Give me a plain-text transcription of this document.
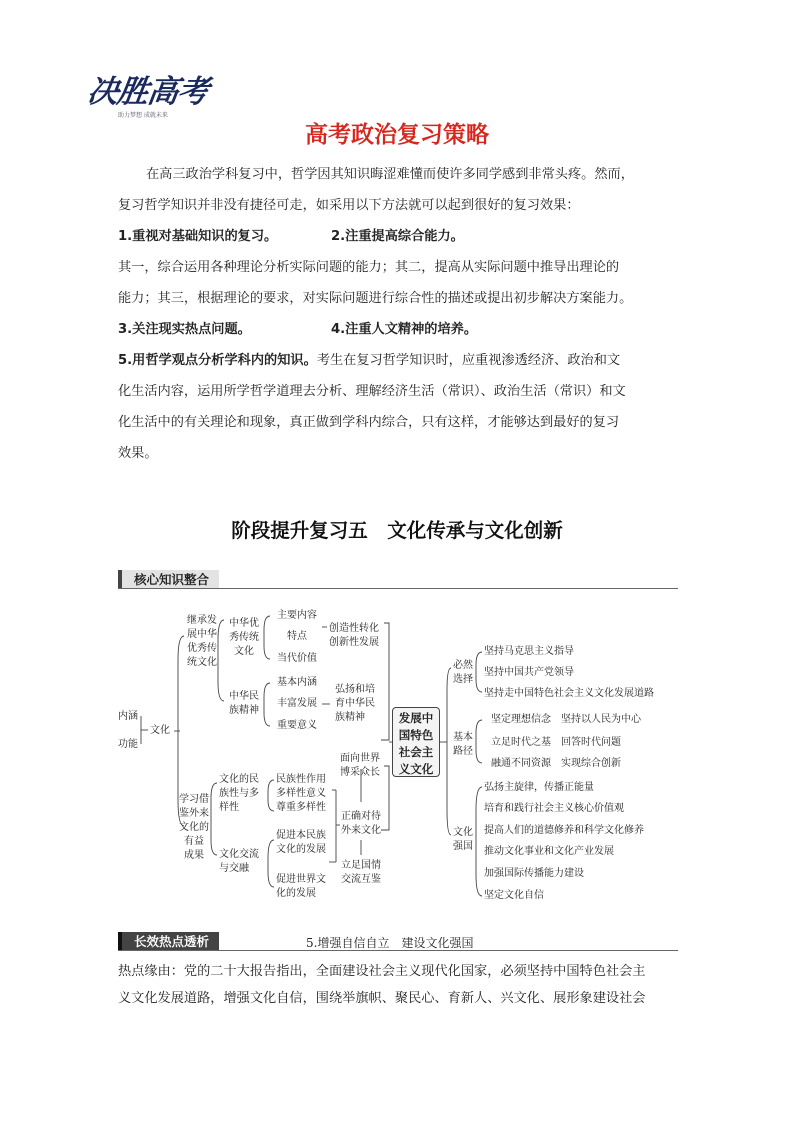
决胜高考
助力梦想 成就未来
高考政治复习策略

在高三政治学科复习中，哲学因其知识晦涩难懂而使许多同学感到非常头疼。然而，

复习哲学知识并非没有捷径可走，如采用以下方法就可以起到很好的复习效果：

1.重视对基础知识的复习。	2.注重提高综合能力。

其一，综合运用各种理论分析实际问题的能力；其二，提高从实际问题中推导出理论的

能力；其三，根据理论的要求，对实际问题进行综合性的描述或提出初步解决方案能力。

3.关注现实热点问题。	4.注重人文精神的培养。

5.用哲学观点分析学科内的知识。考生在复习哲学知识时，应重视渗透经济、政治和文

化生活内容，运用所学哲学道理去分析、理解经济生活（常识）、政治生活（常识）和文

化生活中的有关理论和现象，真正做到学科内综合，只有这样，才能够达到最好的复习

效果。

阶段提升复习五　文化传承与文化创新
核心知识整合
内涵
功能
文化
继承发
展中华
优秀传
统文化
中华优
秀传统
文化
主要内容
特点
当代价值
创造性转化
创新性发展
中华民
族精神
基本内涵
丰富发展
重要意义
弘扬和培
育中华民
族精神
学习借
鉴外来
文化的
有益
成果
文化的民
族性与多
样性
民族性作用
多样性意义
尊重多样性
文化交流
与交融
促进本民族
文化的发展
促进世界文
化的发展
面向世界
博采众长
正确对待
外来文化
立足国情
交流互鉴
发展中
国特色
社会主
义文化
必然
选择
坚持马克思主义指导
坚持中国共产党领导
坚持走中国特色社会主义文化发展道路
基本
路径
坚定理想信念　坚持以人民为中心
立足时代之基　回答时代问题
融通不同资源　实现综合创新
文化
强国
弘扬主旋律，传播正能量
培育和践行社会主义核心价值观
提高人们的道德修养和科学文化修养
推动文化事业和文化产业发展
加强国际传播能力建设
坚定文化自信
长效热点透析	5.增强自信自立　建设文化强国
热点缘由：党的二十大报告指出，全面建设社会主义现代化国家，必须坚持中国特色社会主
义文化发展道路，增强文化自信，围绕举旗帜、聚民心、育新人、兴文化、展形象建设社会
